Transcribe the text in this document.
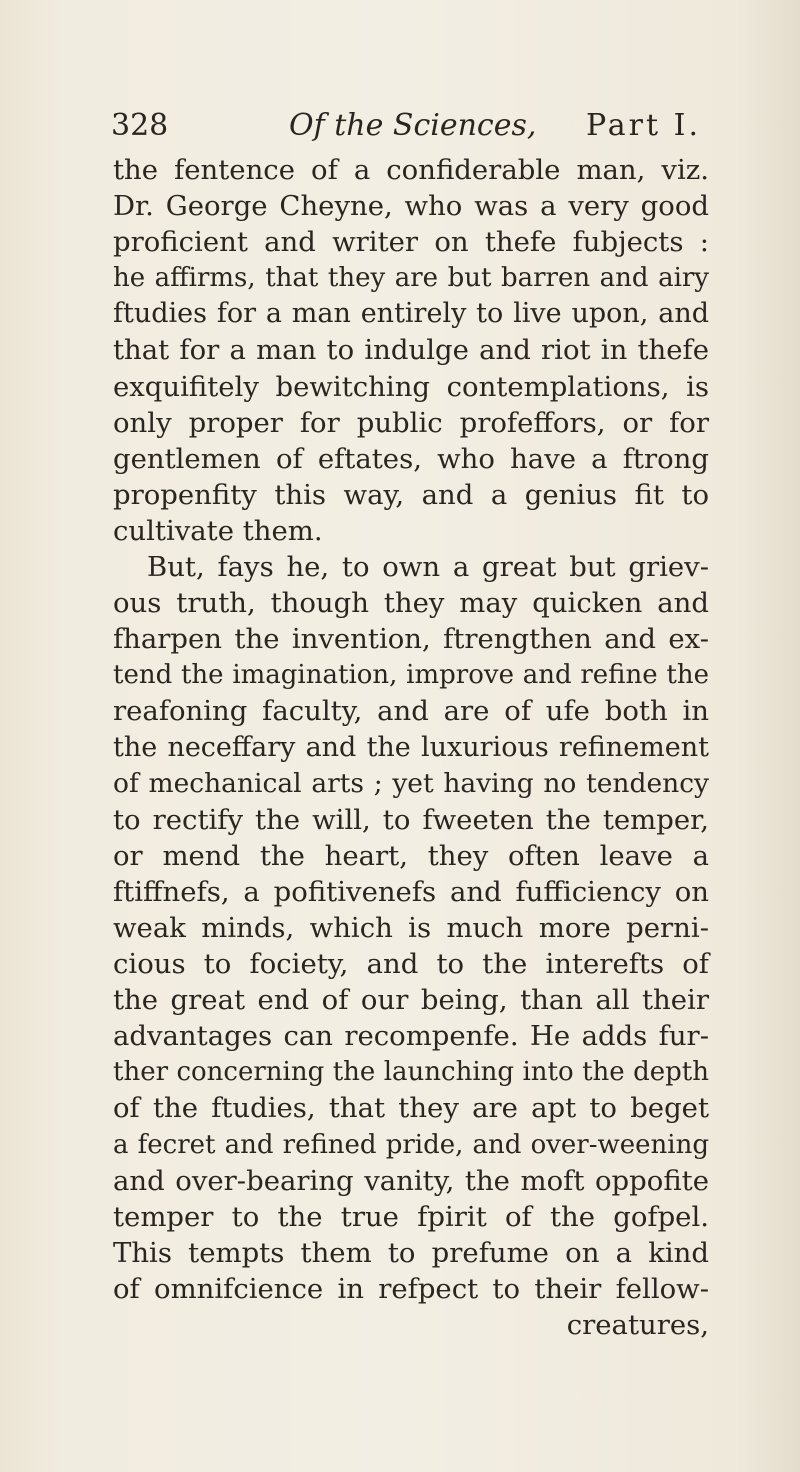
328	Of the Sciences, Part I.
the fentence of a confiderable man, viz.
Dr. George Cheyne, who was a very good
proficient and writer on thefe fubjects :
he affirms, that they are but barren and airy
ftudies for a man entirely to live upon, and
that for a man to indulge and riot in thefe
exquifitely bewitching contemplations, is
only proper for public profeffors, or for
gentlemen of eftates, who have a ftrong
propenfity this way, and a genius fit to
cultivate them.
But, fays he, to own a great but griev-
ous truth, though they may quicken and
fharpen the invention, ftrengthen and ex-
tend the imagination, improve and refine the
reafoning faculty, and are of ufe both in
the neceffary and the luxurious refinement
of mechanical arts ; yet having no tendency
to rectify the will, to fweeten the temper,
or mend the heart, they often leave a
ftiffnefs, a pofitivenefs and fufficiency on
weak minds, which is much more perni-
cious to fociety, and to the interefts of
the great end of our being, than all their
advantages can recompenfe. He adds fur-
ther concerning the launching into the depth
of the ftudies, that they are apt to beget
a fecret and refined pride, and over-weening
and over-bearing vanity, the moft oppofite
temper to the true fpirit of the gofpel.
This tempts them to prefume on a kind
of omnifcience in refpect to their fellow-
creatures,
